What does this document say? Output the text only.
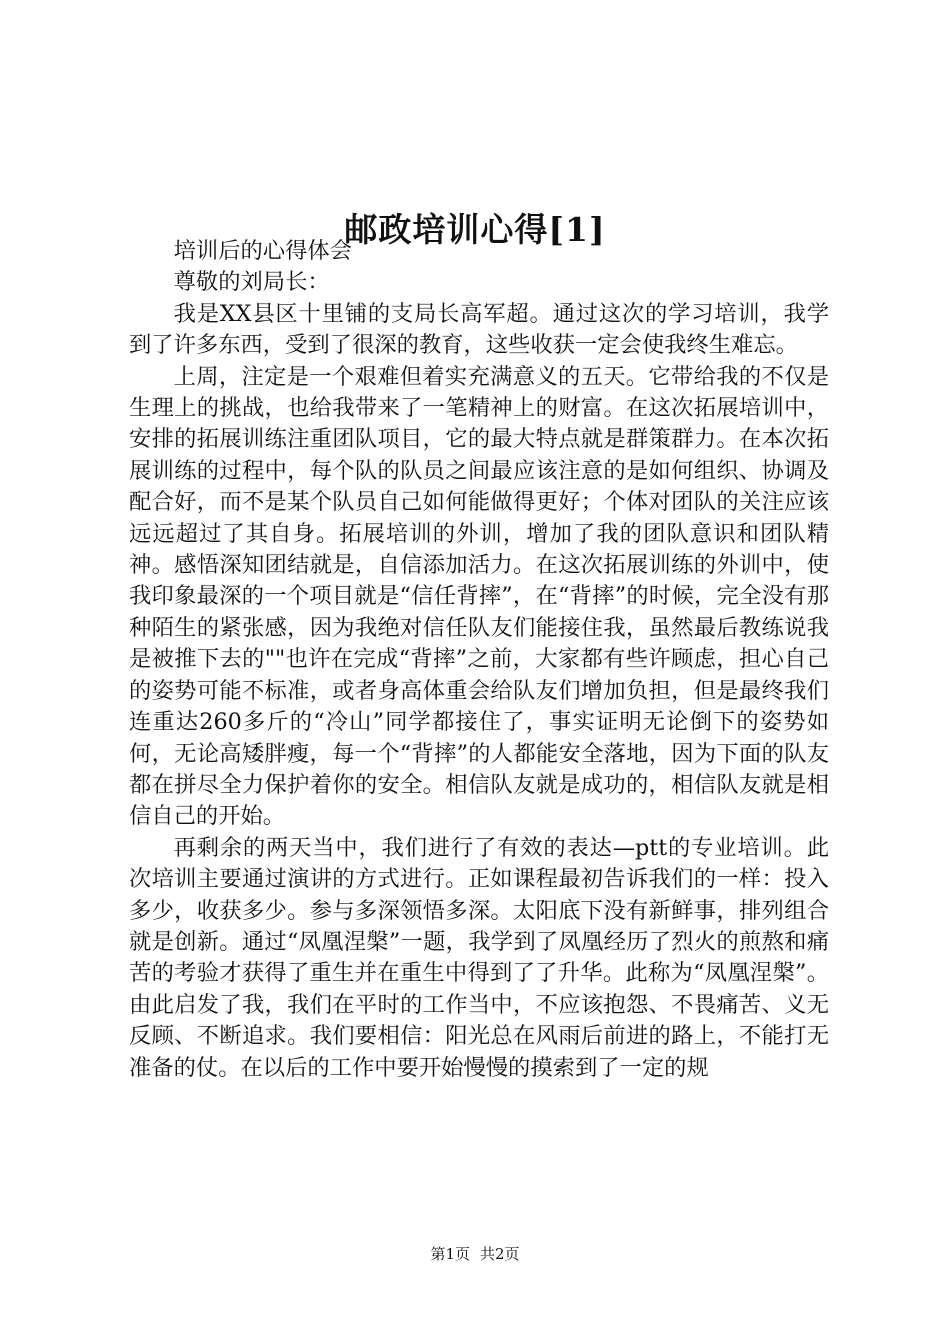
邮政培训心得[1]

培训后的心得体会

尊敬的刘局长：

我是XX县区十里铺的支局长高军超。通过这次的学习培训，我学到了许多东西，受到了很深的教育，这些收获一定会使我终生难忘。

上周，注定是一个艰难但着实充满意义的五天。它带给我的不仅是生理上的挑战，也给我带来了一笔精神上的财富。在这次拓展培训中，安排的拓展训练注重团队项目，它的最大特点就是群策群力。在本次拓展训练的过程中，每个队的队员之间最应该注意的是如何组织、协调及配合好，而不是某个队员自己如何能做得更好；个体对团队的关注应该远远超过了其自身。拓展培训的外训，增加了我的团队意识和团队精神。感悟深知团结就是，自信添加活力。在这次拓展训练的外训中，使我印象最深的一个项目就是“信任背摔”，在“背摔”的时候，完全没有那种陌生的紧张感，因为我绝对信任队友们能接住我，虽然最后教练说我是被推下去的""也许在完成“背摔”之前，大家都有些许顾虑，担心自己的姿势可能不标准，或者身高体重会给队友们增加负担，但是最终我们连重达260多斤的“冷山”同学都接住了，事实证明无论倒下的姿势如何，无论高矮胖瘦，每一个“背摔”的人都能安全落地，因为下面的队友都在拼尽全力保护着你的安全。相信队友就是成功的，相信队友就是相信自己的开始。

再剩余的两天当中，我们进行了有效的表达—ptt的专业培训。此次培训主要通过演讲的方式进行。正如课程最初告诉我们的一样：投入多少，收获多少。参与多深领悟多深。太阳底下没有新鲜事，排列组合就是创新。通过“凤凰涅槃”一题，我学到了凤凰经历了烈火的煎熬和痛苦的考验才获得了重生并在重生中得到了了升华。此称为“凤凰涅槃”。由此启发了我，我们在平时的工作当中，不应该抱怨、不畏痛苦、义无反顾、不断追求。我们要相信：阳光总在风雨后前进的路上，不能打无准备的仗。在以后的工作中要开始慢慢的摸索到了一定的规

第1页 共2页
